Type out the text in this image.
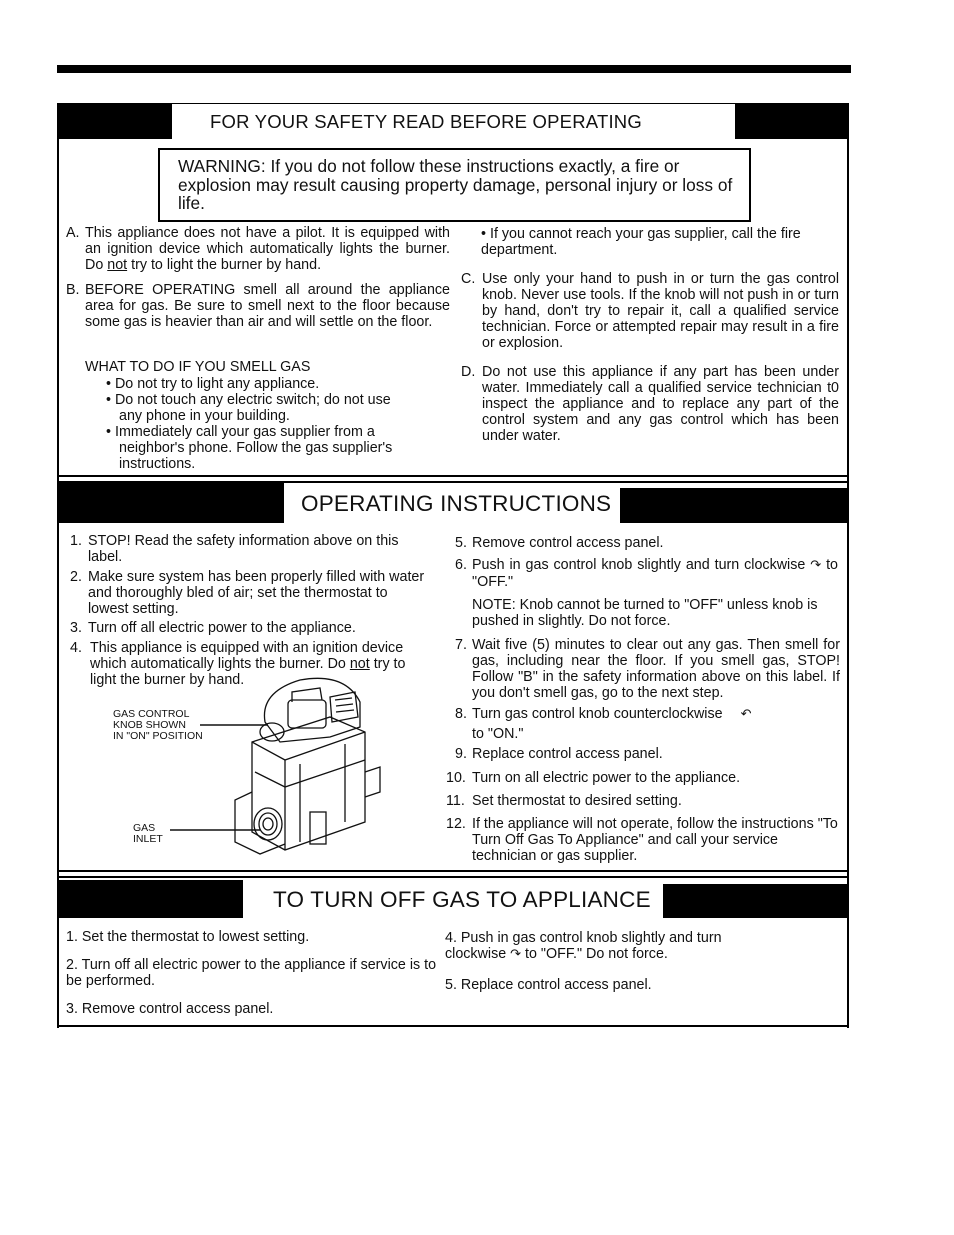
FOR YOUR SAFETY READ BEFORE OPERATING
WARNING: If you do not follow these instructions exactly, a fire or explosion may result causing property damage, personal injury or loss of life.
A. This appliance does not have a pilot. It is equipped with an ignition device which automatically lights the burner. Do not try to light the burner by hand.
B. BEFORE OPERATING smell all around the appliance area for gas. Be sure to smell next to the floor because some gas is heavier than air and will settle on the floor.
WHAT TO DO IF YOU SMELL GAS
• Do not try to light any appliance.
• Do not touch any electric switch; do not use
any phone in your building.
• Immediately call your gas supplier from a
neighbor's phone. Follow the gas supplier's
instructions.
• If you cannot reach your gas supplier, call the fire department.
C. Use only your hand to push in or turn the gas control knob. Never use tools. If the knob will not push in or turn by hand, don't try to repair it, call a qualified service technician. Force or attempted repair may result in a fire or explosion.
D. Do not use this appliance if any part has been under water. Immediately call a qualified service technician t0 inspect the appliance and to replace any part of the control system and any gas control which has been under water.
OPERATING INSTRUCTIONS
1. STOP! Read the safety information above on this label.
2. Make sure system has been properly filled with water and thoroughly bled of air; set the thermostat to lowest setting.
3. Turn off all electric power to the appliance.
4. This appliance is equipped with an ignition device which automatically lights the burner. Do not try to light the burner by hand.
GAS CONTROL
KNOB SHOWN
IN "ON" POSITION
GAS
INLET
5. Remove control access panel.
6. Push in gas control knob slightly and turn clockwise ↷ to "OFF."
NOTE: Knob cannot be turned to "OFF" unless knob is pushed in slightly. Do not force.
7. Wait five (5) minutes to clear out any gas. Then smell for gas, including near the floor. If you smell gas, STOP! Follow "B" in the safety information above on this label. If you don't smell gas, go to the next step.
8. Turn gas control knob counterclockwise ↶
to "ON."
9. Replace control access panel.
10. Turn on all electric power to the appliance.
11. Set thermostat to desired setting.
12. If the appliance will not operate, follow the instructions "To Turn Off Gas To Appliance" and call your service technician or gas supplier.
TO TURN OFF GAS TO APPLIANCE
1. Set the thermostat to lowest setting.
2. Turn off all electric power to the appliance if service is to be performed.
3. Remove control access panel.
4. Push in gas control knob slightly and turn clockwise ↷ to "OFF." Do not force.
5. Replace control access panel.
